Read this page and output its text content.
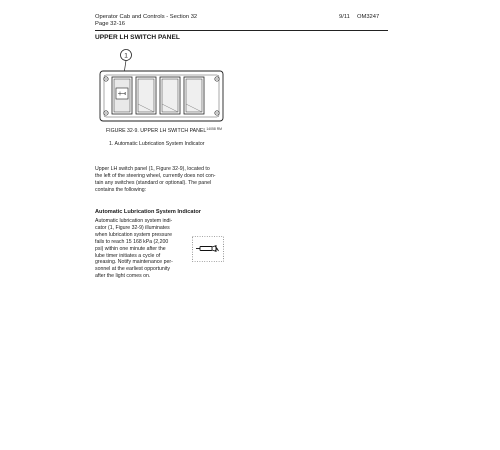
Operator Cab and Controls - Section 32
Page 32-16
9/11 OM3247
UPPER LH SWITCH PANEL
1
14058 RM
FIGURE 32-9. UPPER LH SWITCH PANEL
1. Automatic Lubrication System Indicator
Upper LH switch panel (1, Figure 32-9), located to
the left of the steering wheel, currently does not con-
tain any switches (standard or optional). The panel
contains the following:
Automatic Lubrication System Indicator
Automatic lubrication system indi-
cator (1, Figure 32-9) illuminates
when lubrication system pressure
fails to reach 15 168 kPa (2,200
psi) within one minute after the
lube timer initiates a cycle of
greasing. Notify maintenance per-
sonnel at the earliest opportunity
after the light comes on.
